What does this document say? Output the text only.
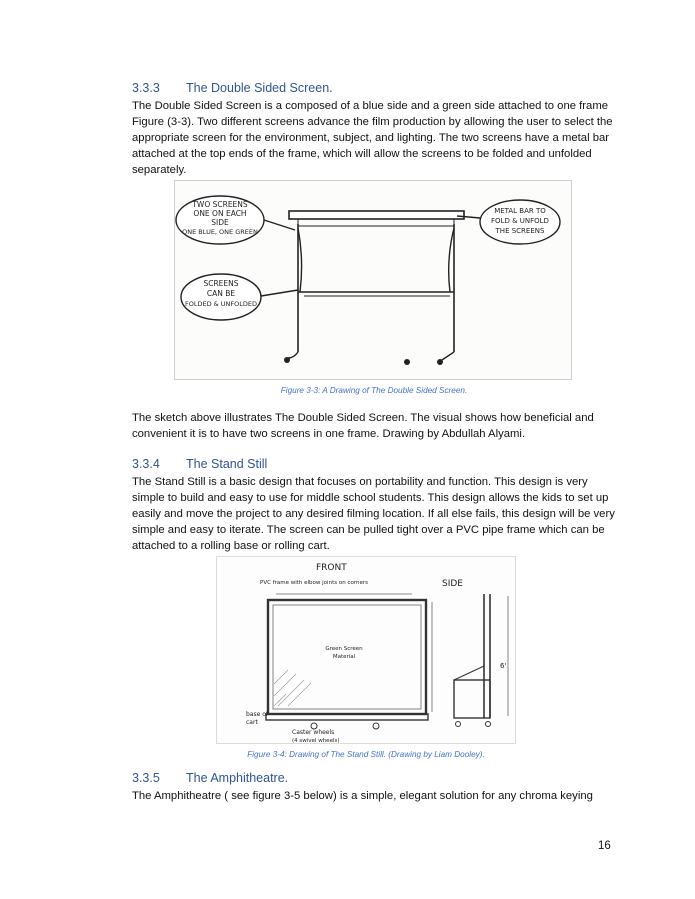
3.3.3 The Double Sided Screen.

The Double Sided Screen is a composed of a blue side and a green side attached to one frame Figure (3-3). Two different screens advance the film production by allowing the user to select the appropriate screen for the environment, subject, and lighting. The two screens have a metal bar attached at the top ends of the frame, which will allow the screens to be folded and unfolded separately.

TWO SCREENS
ONE ON EACH
SIDE
ONE BLUE, ONE GREEN
SCREENS
CAN BE
FOLDED & UNFOLDED
METAL BAR TO
FOLD & UNFOLD
THE SCREENS
Figure 3-3: A Drawing of The Double Sided Screen.

The sketch above illustrates The Double Sided Screen. The visual shows how beneficial and convenient it is to have two screens in one frame. Drawing by Abdullah Alyami.

3.3.4 The Stand Still

The Stand Still is a basic design that focuses on portability and function. This design is very simple to build and easy to use for middle school students. This design allows the kids to set up easily and move the project to any desired filming location. If all else fails, this design will be very simple and easy to iterate. The screen can be pulled tight over a PVC pipe frame which can be attached to a rolling base or rolling cart.

FRONT
SIDE
PVC frame with elbow joints on corners
Green Screen
Material
base of
cart
Caster wheels
(4 swivel wheels)
6'
Figure 3-4: Drawing of The Stand Still. (Drawing by Liam Dooley).
3.3.5 The Amphitheatre.

The Amphitheatre ( see figure 3-5 below) is a simple, elegant solution for any chroma keying

16
